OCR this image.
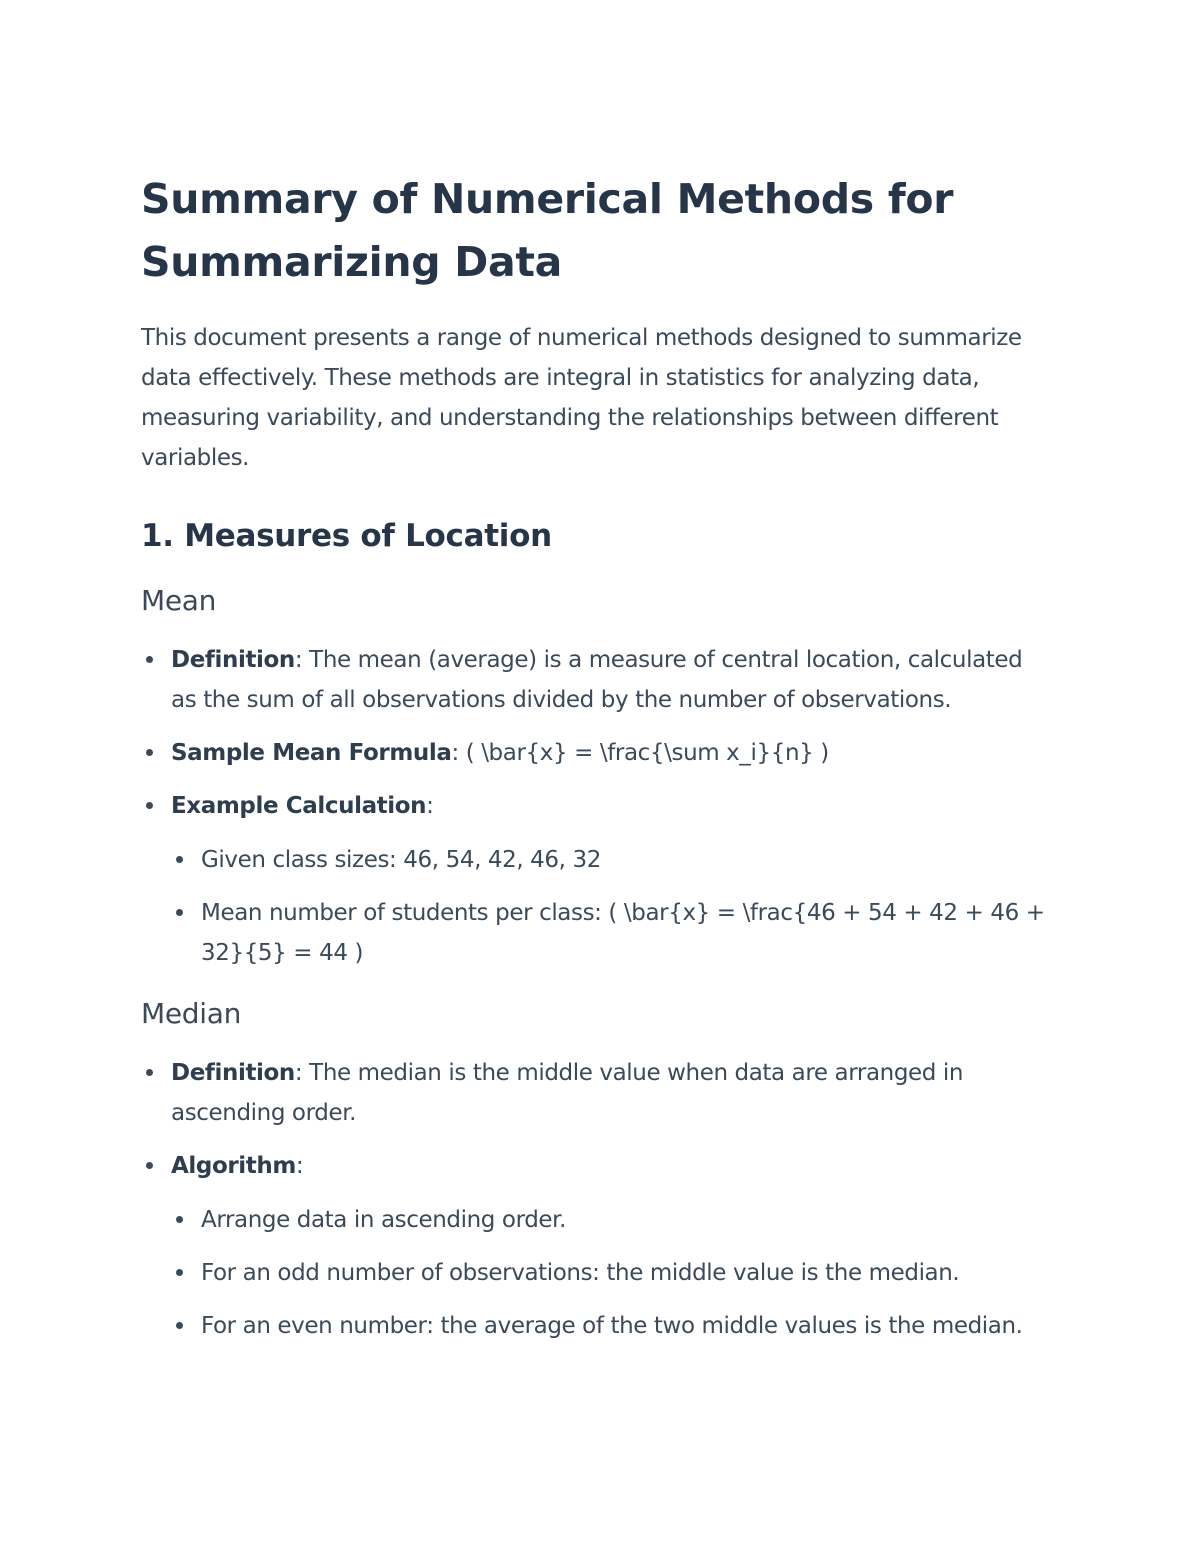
Summary of Numerical Methods for Summarizing Data

This document presents a range of numerical methods designed to summarize data effectively. These methods are integral in statistics for analyzing data, measuring variability, and understanding the relationships between different variables.

1. Measures of Location
Mean
Definition: The mean (average) is a measure of central location, calculated as the sum of all observations divided by the number of observations.
Sample Mean Formula: ( \bar{x} = \frac{\sum x_i}{n} )
Example Calculation:
Given class sizes: 46, 54, 42, 46, 32
Mean number of students per class: ( \bar{x} = \frac{46 + 54 + 42 + 46 + 32}{5} = 44 )
Median
Definition: The median is the middle value when data are arranged in ascending order.
Algorithm:
Arrange data in ascending order.
For an odd number of observations: the middle value is the median.
For an even number: the average of the two middle values is the median.
